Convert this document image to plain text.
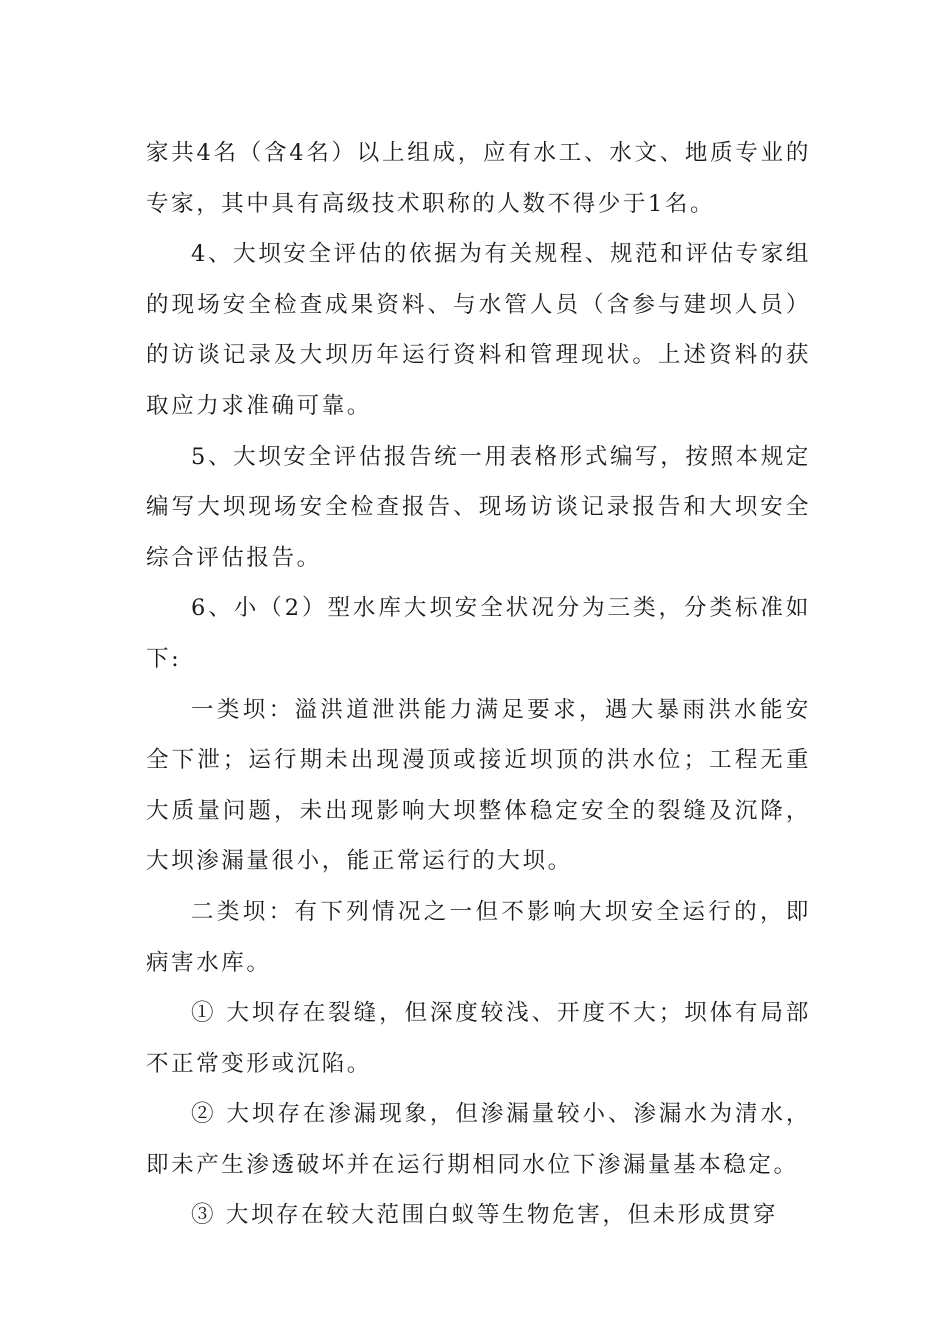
家共4名（含4名）以上组成，应有水工、水文、地质专业的专家，其中具有高级技术职称的人数不得少于1名。

4、大坝安全评估的依据为有关规程、规范和评估专家组的现场安全检查成果资料、与水管人员（含参与建坝人员）的访谈记录及大坝历年运行资料和管理现状。上述资料的获取应力求准确可靠。

5、大坝安全评估报告统一用表格形式编写，按照本规定编写大坝现场安全检查报告、现场访谈记录报告和大坝安全综合评估报告。

6、小（2）型水库大坝安全状况分为三类，分类标准如下:

一类坝：溢洪道泄洪能力满足要求，遇大暴雨洪水能安全下泄；运行期未出现漫顶或接近坝顶的洪水位；工程无重大质量问题，未出现影响大坝整体稳定安全的裂缝及沉降，大坝渗漏量很小，能正常运行的大坝。

二类坝：有下列情况之一但不影响大坝安全运行的，即病害水库。

① 大坝存在裂缝，但深度较浅、开度不大；坝体有局部不正常变形或沉陷。

② 大坝存在渗漏现象，但渗漏量较小、渗漏水为清水，即未产生渗透破坏并在运行期相同水位下渗漏量基本稳定。

③ 大坝存在较大范围白蚁等生物危害，但未形成贯穿
